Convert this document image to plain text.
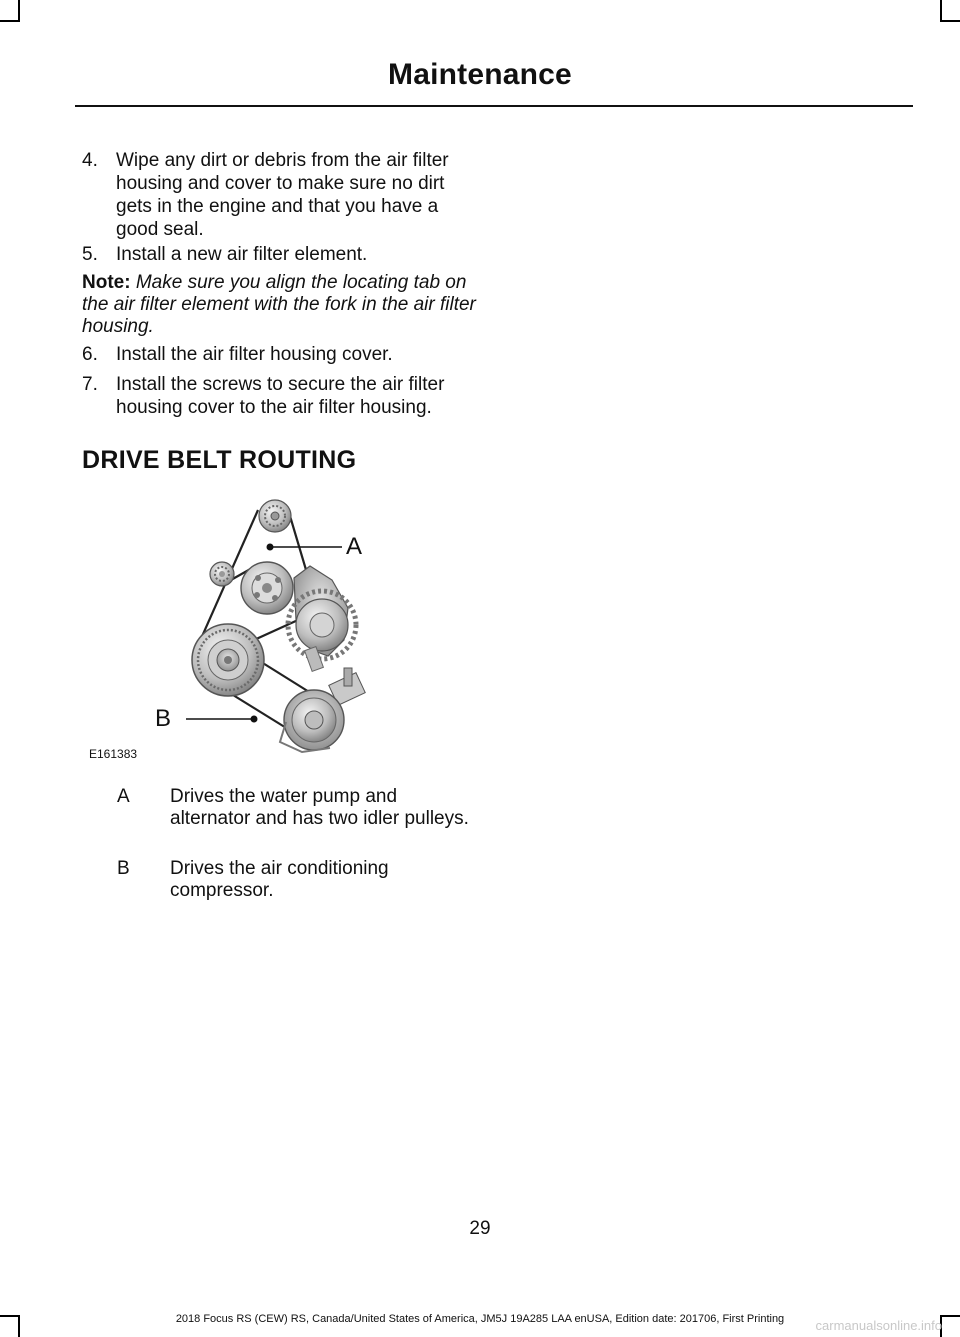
Maintenance
4. Wipe any dirt or debris from the air filter housing and cover to make sure no dirt gets in the engine and that you have a good seal.
5. Install a new air filter element.
Note: Make sure you align the locating tab on the air filter element with the fork in the air filter housing.
6. Install the air filter housing cover.
7. Install the screws to secure the air filter housing cover to the air filter housing.
DRIVE BELT ROUTING
A
B
E161383
A Drives the water pump and alternator and has two idler pulleys.
B Drives the air conditioning compressor.
29
2018 Focus RS (CEW) RS, Canada/United States of America, JM5J 19A285 LAA enUSA, Edition date: 201706, First Printing	carmanualsonline.info
